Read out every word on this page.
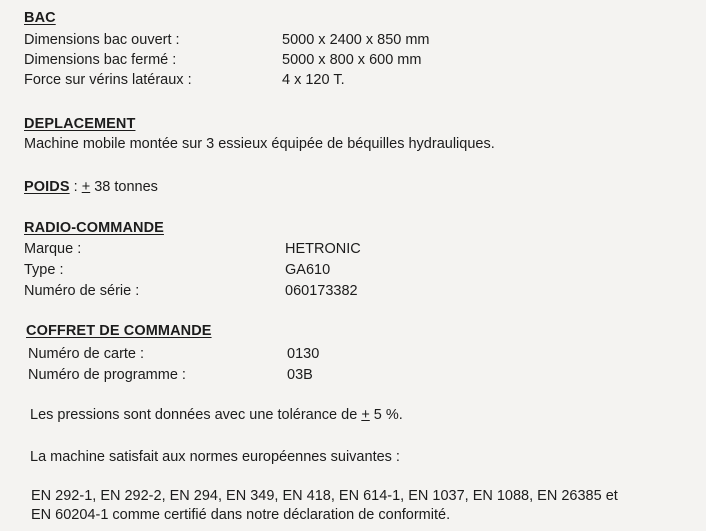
BAC
Dimensions bac ouvert :	5000 x 2400 x 850 mm
Dimensions bac fermé :	5000 x 800 x 600 mm
Force sur vérins latéraux :	4 x 120 T.
DEPLACEMENT
Machine mobile montée sur 3 essieux équipée de béquilles hydrauliques.
POIDS : + 38 tonnes
RADIO-COMMANDE
Marque :	HETRONIC
Type :	GA610
Numéro de série :	060173382
COFFRET DE COMMANDE
Numéro de carte :	0130
Numéro de programme :	03B
Les pressions sont données avec une tolérance de + 5 %.
La machine satisfait aux normes européennes suivantes :
EN 292-1, EN 292-2, EN 294, EN 349, EN 418, EN 614-1, EN 1037, EN 1088, EN 26385 et
EN 60204-1 comme certifié dans notre déclaration de conformité.
